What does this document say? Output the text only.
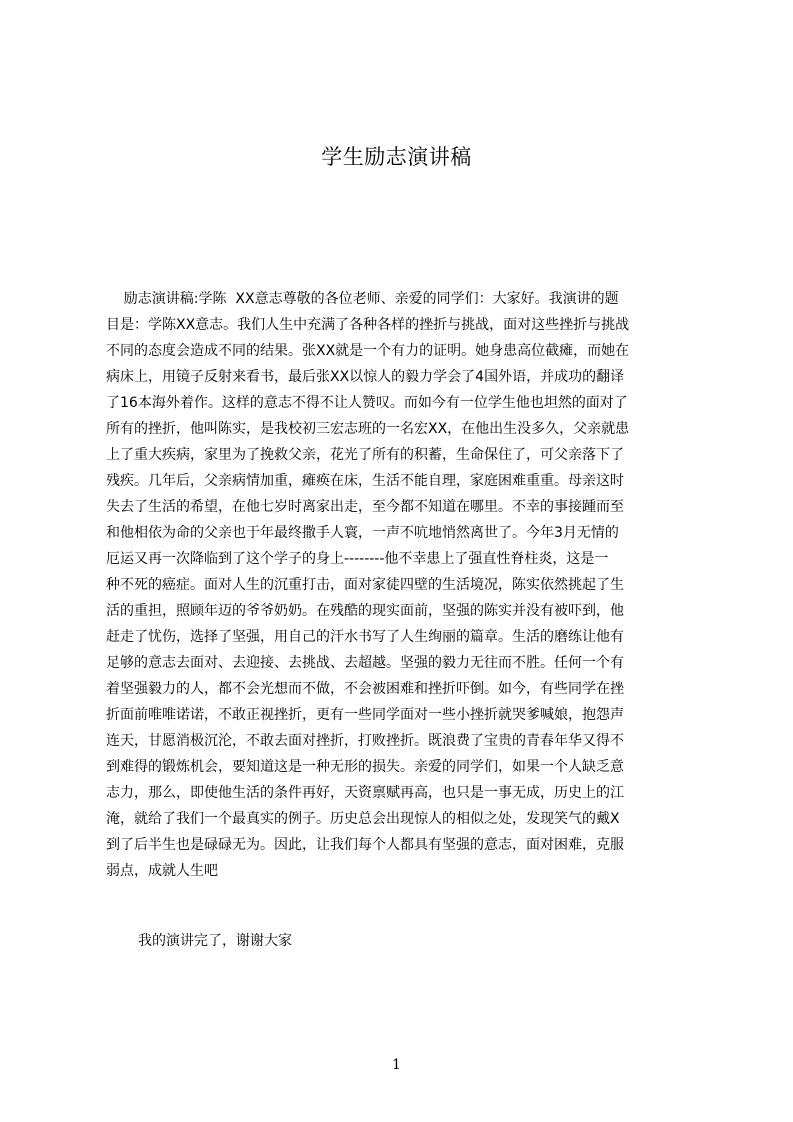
学生励志演讲稿
励志演讲稿:学陈  XX意志尊敬的各位老师、亲爱的同学们：大家好。我演讲的题
目是：学陈XX意志。我们人生中充满了各种各样的挫折与挑战，面对这些挫折与挑战
不同的态度会造成不同的结果。张XX就是一个有力的证明。她身患高位截瘫，而她在
病床上，用镜子反射来看书，最后张XX以惊人的毅力学会了4国外语，并成功的翻译
了16本海外着作。这样的意志不得不让人赞叹。而如今有一位学生他也坦然的面对了
所有的挫折，他叫陈实，是我校初三宏志班的一名宏XX，在他出生没多久，父亲就患
上了重大疾病，家里为了挽救父亲，花光了所有的积蓄，生命保住了，可父亲落下了
残疾。几年后，父亲病情加重，瘫痪在床，生活不能自理，家庭困难重重。母亲这时
失去了生活的希望，在他七岁时离家出走，至今都不知道在哪里。不幸的事接踵而至
和他相依为命的父亲也于年最终撒手人寰，一声不吭地悄然离世了。今年3月无情的
厄运又再一次降临到了这个学子的身上--------他不幸患上了强直性脊柱炎，这是一
种不死的癌症。面对人生的沉重打击，面对家徒四壁的生活境况，陈实依然挑起了生
活的重担，照顾年迈的爷爷奶奶。在残酷的现实面前，坚强的陈实并没有被吓到，他
赶走了忧伤，选择了坚强，用自己的汗水书写了人生绚丽的篇章。生活的磨练让他有
足够的意志去面对、去迎接、去挑战、去超越。坚强的毅力无往而不胜。任何一个有
着坚强毅力的人，都不会光想而不做，不会被困难和挫折吓倒。如今，有些同学在挫
折面前唯唯诺诺，不敢正视挫折，更有一些同学面对一些小挫折就哭爹喊娘，抱怨声
连天，甘愿消极沉沦，不敢去面对挫折，打败挫折。既浪费了宝贵的青春年华又得不
到难得的锻炼机会，要知道这是一种无形的损失。亲爱的同学们，如果一个人缺乏意
志力，那么，即使他生活的条件再好，天资禀赋再高，也只是一事无成，历史上的江
淹，就给了我们一个最真实的例子。历史总会出现惊人的相似之处，发现笑气的戴X
到了后半生也是碌碌无为。因此，让我们每个人都具有坚强的意志，面对困难，克服
弱点，成就人生吧
我的演讲完了，谢谢大家
1
